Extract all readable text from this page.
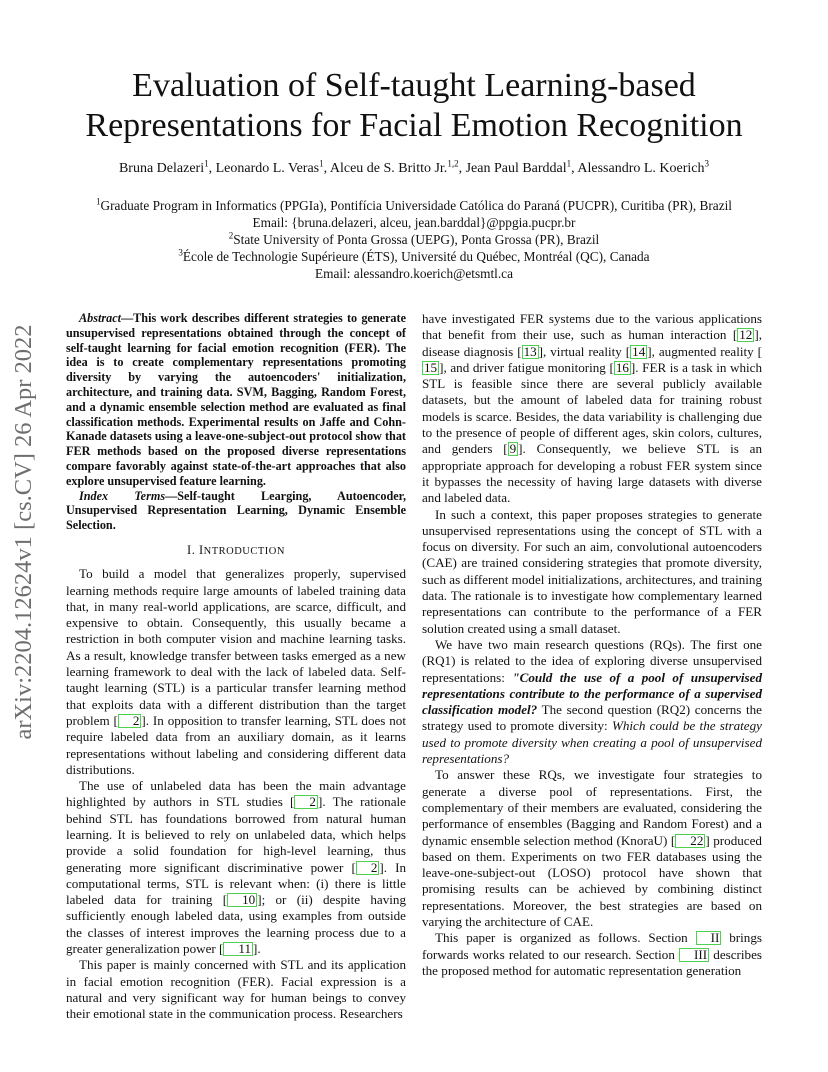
arXiv:2204.12624v1 [cs.CV] 26 Apr 2022
Evaluation of Self-taught Learning-based
Representations for Facial Emotion Recognition
Bruna Delazeri$^1$, Leonardo L. Veras$^1$, Alceu de S. Britto Jr.$^{1,2}$, Jean Paul Barddal$^1$, Alessandro L. Koerich$^3$
$^1$Graduate Program in Informatics (PPGIa), Pontifícia Universidade Católica do Paraná (PUCPR), Curitiba (PR), Brazil
Email: {bruna.delazeri, alceu, jean.barddal}@ppgia.pucpr.br
$^2$State University of Ponta Grossa (UEPG), Ponta Grossa (PR), Brazil
$^3$École de Technologie Supérieure (ÉTS), Université du Québec, Montréal (QC), Canada
Email: alessandro.koerich@etsmtl.ca

Abstract—This work describes different strategies to generate unsupervised representations obtained through the concept of self-taught learning for facial emotion recognition (FER). The idea is to create complementary representations promoting diversity by varying the autoencoders' initialization, architecture, and training data. SVM, Bagging, Random Forest, and a dynamic ensemble selection method are evaluated as final classification methods. Experimental results on Jaffe and Cohn-Kanade datasets using a leave-one-subject-out protocol show that FER methods based on the proposed diverse representations compare favorably against state-of-the-art approaches that also explore unsupervised feature learning.

Index Terms—Self-taught Learging, Autoencoder, Unsupervised Representation Learning, Dynamic Ensemble Selection.

I. INTRODUCTION

To build a model that generalizes properly, supervised learning methods require large amounts of labeled training data that, in many real-world applications, are scarce, difficult, and expensive to obtain. Consequently, this usually became a restriction in both computer vision and machine learning tasks. As a result, knowledge transfer between tasks emerged as a new learning framework to deal with the lack of labeled data. Self-taught learning (STL) is a particular transfer learning method that exploits data with a different distribution than the target problem [ 2 ]. In opposition to transfer learning, STL does not require labeled data from an auxiliary domain, as it learns representations without labeling and considering different data distributions.

The use of unlabeled data has been the main advantage highlighted by authors in STL studies [ 2 ]. The rationale behind STL has foundations borrowed from natural human learning. It is believed to rely on unlabeled data, which helps provide a solid foundation for high-level learning, thus generating more significant discriminative power [ 2 ]. In computational terms, STL is relevant when: (i) there is little labeled data for training [ 10 ]; or (ii) despite having sufficiently enough labeled data, using examples from outside the classes of interest improves the learning process due to a greater generalization power [ 11 ].

This paper is mainly concerned with STL and its application in facial emotion recognition (FER). Facial expression is a natural and very significant way for human beings to convey their emotional state in the communication process. Researchers

have investigated FER systems due to the various applications that benefit from their use, such as human interaction [ 12 ], disease diagnosis [ 13 ], virtual reality [ 14 ], augmented reality [15 ], and driver fatigue monitoring [ 16 ]. FER is a task in which STL is feasible since there are several publicly available datasets, but the amount of labeled data for training robust models is scarce. Besides, the data variability is challenging due to the presence of people of different ages, skin colors, cultures, and genders [ 9 ]. Consequently, we believe STL is an appropriate approach for developing a robust FER system since it bypasses the necessity of having large datasets with diverse and labeled data.

In such a context, this paper proposes strategies to generate unsupervised representations using the concept of STL with a focus on diversity. For such an aim, convolutional autoencoders (CAE) are trained considering strategies that promote diversity, such as different model initializations, architectures, and training data. The rationale is to investigate how complementary learned representations can contribute to the performance of a FER solution created using a small dataset.

We have two main research questions (RQs). The first one (RQ1) is related to the idea of exploring diverse unsupervised representations: "Could the use of a pool of unsupervised representations contribute to the performance of a supervised classification model? The second question (RQ2) concerns the strategy used to promote diversity: Which could be the strategy used to promote diversity when creating a pool of unsupervised representations?

To answer these RQs, we investigate four strategies to generate a diverse pool of representations. First, the complementary of their members are evaluated, considering the performance of ensembles (Bagging and Random Forest) and a dynamic ensemble selection method (KnoraU) [ 22 ] produced based on them. Experiments on two FER databases using the leave-one-subject-out (LOSO) protocol have shown that promising results can be achieved by combining distinct representations. Moreover, the best strategies are based on varying the architecture of CAE.

This paper is organized as follows. Section II brings forwards works related to our research. Section III describes the proposed method for automatic representation generation
